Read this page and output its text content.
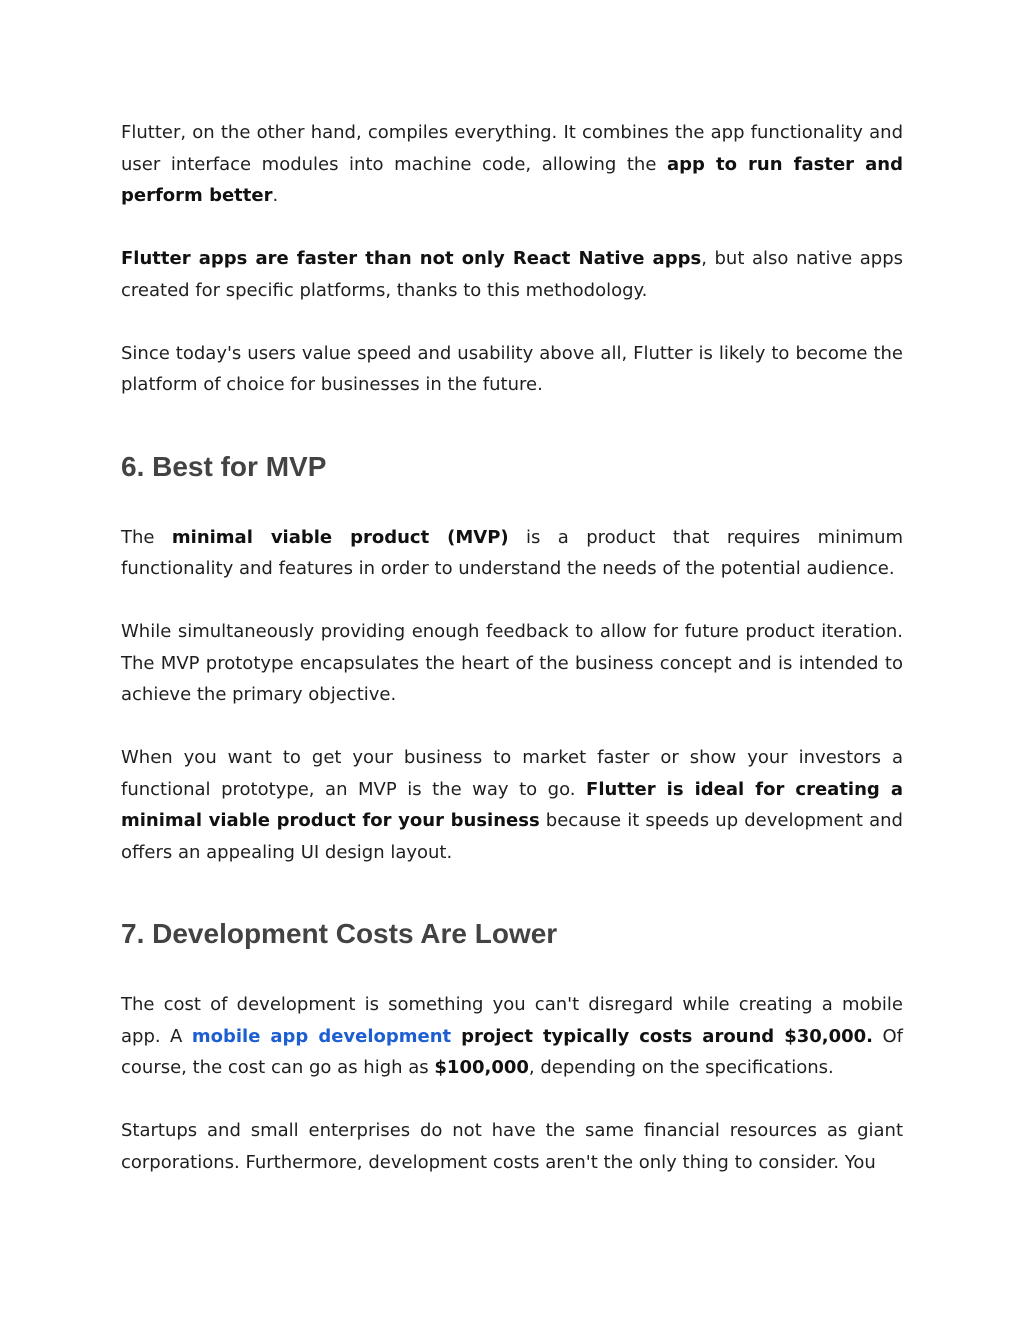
Flutter, on the other hand, compiles everything. It combines the app functionality and user interface modules into machine code, allowing the app to run faster and perform better.

Flutter apps are faster than not only React Native apps, but also native apps created for specific platforms, thanks to this methodology.

Since today's users value speed and usability above all, Flutter is likely to become the platform of choice for businesses in the future.

6. Best for MVP

The minimal viable product (MVP) is a product that requires minimum functionality and features in order to understand the needs of the potential audience.

While simultaneously providing enough feedback to allow for future product iteration. The MVP prototype encapsulates the heart of the business concept and is intended to achieve the primary objective.

When you want to get your business to market faster or show your investors a functional prototype, an MVP is the way to go. Flutter is ideal for creating a minimal viable product for your business because it speeds up development and offers an appealing UI design layout.

7. Development Costs Are Lower

The cost of development is something you can't disregard while creating a mobile app. A mobile app development project typically costs around $30,000. Of course, the cost can go as high as $100,000, depending on the specifications.

Startups and small enterprises do not have the same financial resources as giant corporations. Furthermore, development costs aren't the only thing to consider. You
